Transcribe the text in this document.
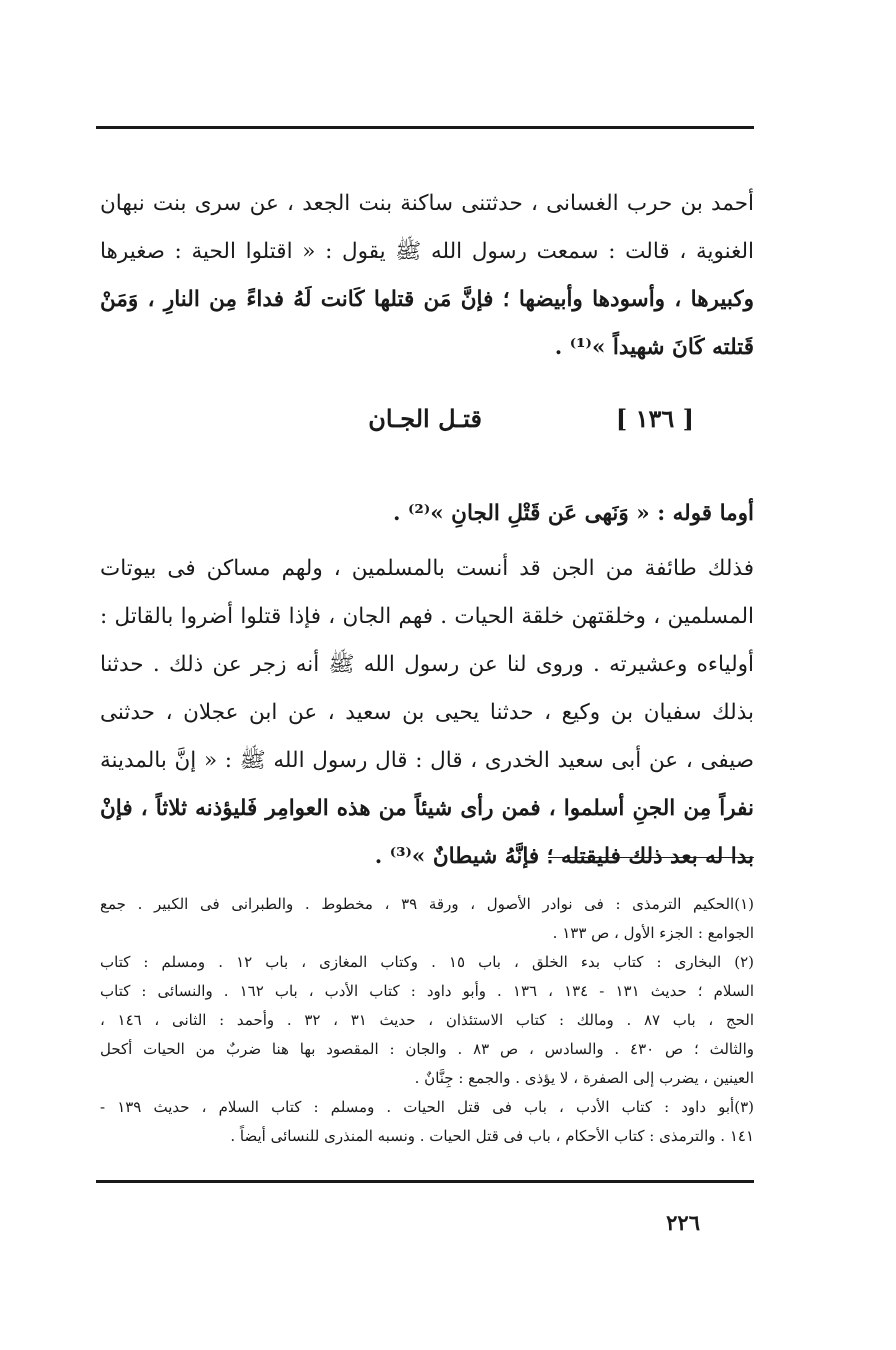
أحمد بن حرب الغسانى ، حدثتنى ساكنة بنت الجعد ، عن سرى بنت نبهان
الغنوية ، قالت : سمعت رسول الله ﷺ يقول : « اقتلوا الحية : صغيرها
وكبيرها ، وأسودها وأبيضها ؛ فإنَّ مَن قتلها كَانت لَهُ فداءً مِن النارِ ، وَمَنْ
قَتلته كَانَ شهيداً »⁽¹⁾ .
[ ١٣٦ ]
قتـل الجـان
أوما قوله : « وَنَهى عَن قَتْلِ الجانِ »⁽²⁾ .
فذلك طائفة من الجن قد أنست بالمسلمين ، ولهم مساكن فى بيوتات
المسلمين ، وخلقتهن خلقة الحيات . فهم الجان ، فإذا قتلوا أضروا بالقاتل :
أولياءه وعشيرته . وروى لنا عن رسول الله ﷺ أنه زجر عن ذلك . حدثنا
بذلك سفيان بن وكيع ، حدثنا يحيى بن سعيد ، عن ابن عجلان ، حدثنى
صيفى ، عن أبى سعيد الخدرى ، قال : قال رسول الله ﷺ : « إنَّ بالمدينة
نفراً مِن الجنِ أسلموا ، فمن رأى شيئاً من هذه العوامِر فَليؤذنه ثلاثاً ، فإنْ
بدا له بعد ذلك فليقتله ؛ فإنَّهُ شيطانٌ »⁽³⁾ .
(١)الحكيم الترمذى : فى نوادر الأصول ، ورقة ٣٩ ، مخطوط . والطبرانى فى الكبير . جمع
الجوامع : الجزء الأول ، ص ١٣٣ .
(٢) البخارى : كتاب بدء الخلق ، باب ١٥ . وكتاب المغازى ، باب ١٢ . ومسلم : كتاب
السلام ؛ حديث ١٣١ - ١٣٤ ، ١٣٦ . وأبو داود : كتاب الأدب ، باب ١٦٢ . والنسائى : كتاب
الحج ، باب ٨٧ . ومالك : كتاب الاستئذان ، حديث ٣١ ، ٣٢ . وأحمد : الثانى ، ١٤٦ ،
والثالث ؛ ص ٤٣٠ . والسادس ، ص ٨٣ . والجان : المقصود بها هنا ضربٌ من الحيات أكحل
العينين ، يضرب إلى الصفرة ، لا يؤذى . والجمع : جِنَّانٌ .
(٣)أبو داود : كتاب الأدب ، باب فى قتل الحيات . ومسلم : كتاب السلام ، حديث ١٣٩ -
١٤١ . والترمذى : كتاب الأحكام ، باب فى قتل الحيات . ونسبه المنذرى للنسائى أيضاً .
٢٢٦
